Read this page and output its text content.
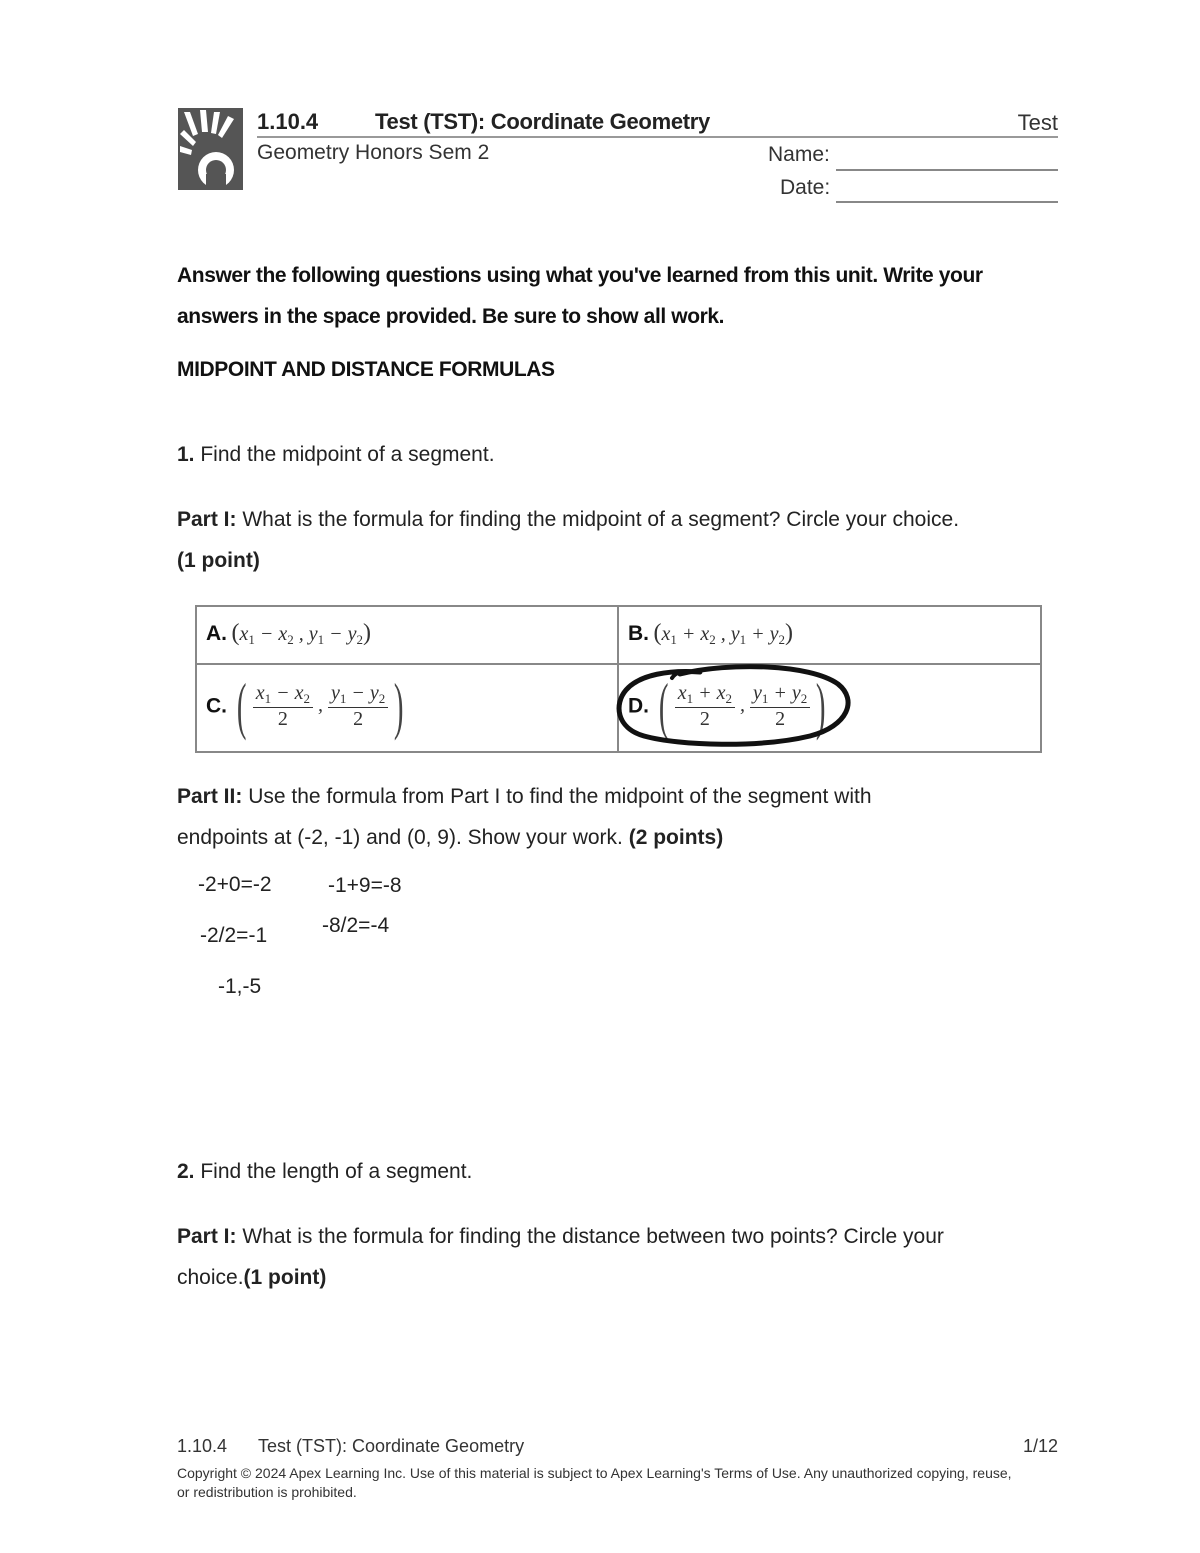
1.10.4	Test (TST): Coordinate Geometry	Test
Geometry Honors Sem 2	Name:
Date:
Answer the following questions using what you've learned from this unit. Write your answers in the space provided. Be sure to show all work.
MIDPOINT AND DISTANCE FORMULAS
1. Find the midpoint of a segment.
Part I: What is the formula for finding the midpoint of a segment? Circle your choice.
(1 point)
A. ($x_1 - x_2$ , $y_1 - y_2$)	B. ($x_1 + x_2$ , $y_1 + y_2$)
C. ( $\frac{x_1 - x_2}{2}$ , $\frac{y_1 - y_2}{2}$ )	D. ( $\frac{x_1 + x_2}{2}$ , $\frac{y_1 + y_2}{2}$ )
Part II: Use the formula from Part I to find the midpoint of the segment with
endpoints at (-2, -1) and (0, 9). Show your work. (2 points)
-2+0=-2	-1+9=-8
-2/2=-1	-8/2=-4
-1,-5
2. Find the length of a segment.
Part I: What is the formula for finding the distance between two points? Circle your
choice.(1 point)
1.10.4 Test (TST): Coordinate Geometry	1/12
Copyright © 2024 Apex Learning Inc. Use of this material is subject to Apex Learning's Terms of Use. Any unauthorized copying, reuse, or redistribution is prohibited.
